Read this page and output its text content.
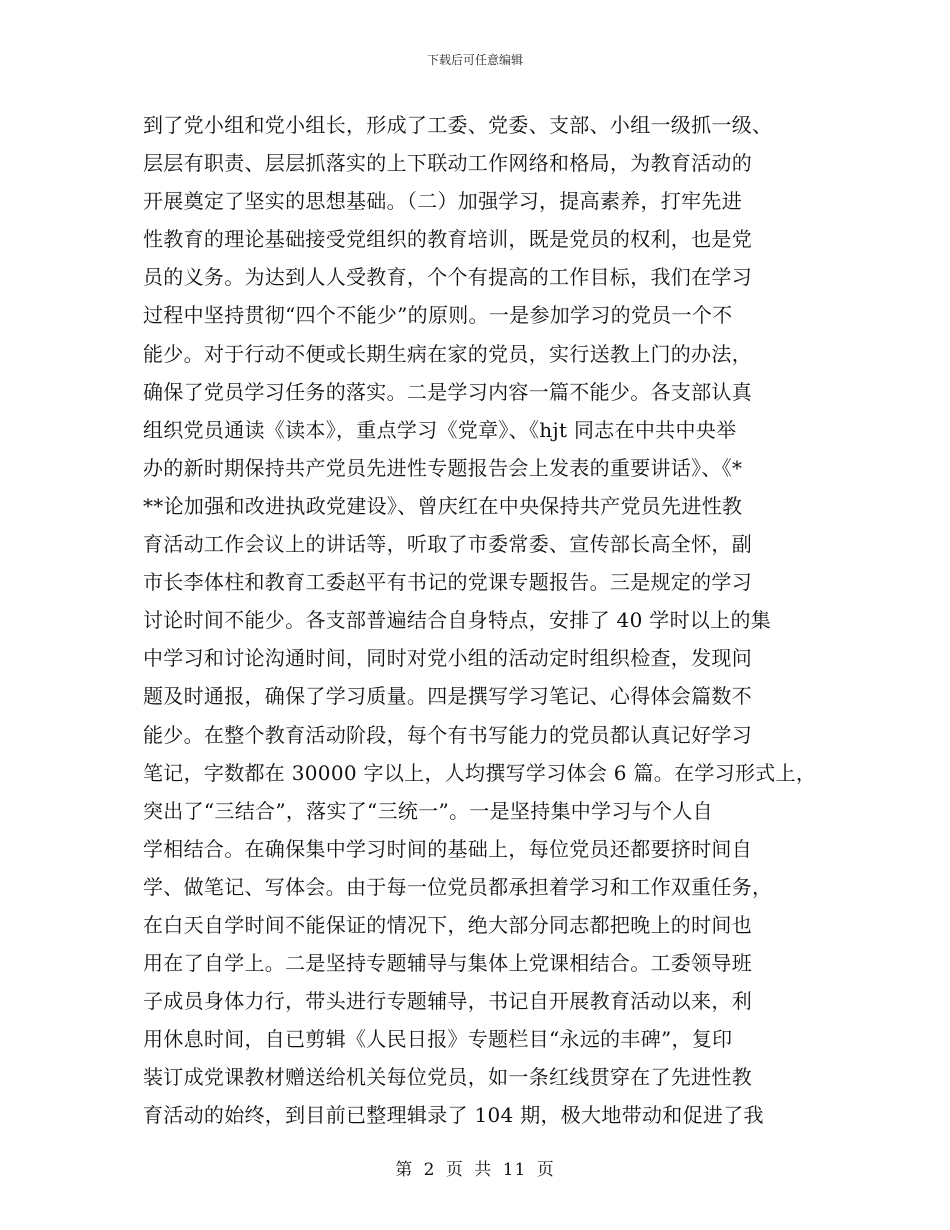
下载后可任意编辑
到了党小组和党小组长，形成了工委、党委、支部、小组一级抓一级、
层层有职责、层层抓落实的上下联动工作网络和格局，为教育活动的
开展奠定了坚实的思想基础。（二）加强学习，提高素养，打牢先进
性教育的理论基础接受党组织的教育培训，既是党员的权利，也是党
员的义务。为达到人人受教育，个个有提高的工作目标，我们在学习
过程中坚持贯彻“四个不能少”的原则。一是参加学习的党员一个不
能少。对于行动不便或长期生病在家的党员，实行送教上门的办法，
确保了党员学习任务的落实。二是学习内容一篇不能少。各支部认真
组织党员通读《读本》，重点学习《党章》、《hjt 同志在中共中央举
办的新时期保持共产党员先进性专题报告会上发表的重要讲话》、《*
**论加强和改进执政党建设》、曾庆红在中央保持共产党员先进性教
育活动工作会议上的讲话等，听取了市委常委、宣传部长高全怀，副
市长李体柱和教育工委赵平有书记的党课专题报告。三是规定的学习
讨论时间不能少。各支部普遍结合自身特点，安排了 40 学时以上的集
中学习和讨论沟通时间，同时对党小组的活动定时组织检查，发现问
题及时通报，确保了学习质量。四是撰写学习笔记、心得体会篇数不
能少。在整个教育活动阶段，每个有书写能力的党员都认真记好学习
笔记，字数都在 30000 字以上，人均撰写学习体会 6 篇。在学习形式上，
突出了“三结合”，落实了“三统一”。一是坚持集中学习与个人自
学相结合。在确保集中学习时间的基础上，每位党员还都要挤时间自
学、做笔记、写体会。由于每一位党员都承担着学习和工作双重任务，
在白天自学时间不能保证的情况下，绝大部分同志都把晚上的时间也
用在了自学上。二是坚持专题辅导与集体上党课相结合。工委领导班
子成员身体力行，带头进行专题辅导，书记自开展教育活动以来，利
用休息时间，自已剪辑《人民日报》专题栏目“永远的丰碑”，复印
装订成党课教材赠送给机关每位党员，如一条红线贯穿在了先进性教
育活动的始终，到目前已整理辑录了 104 期，极大地带动和促进了我
第 2 页 共 11 页
